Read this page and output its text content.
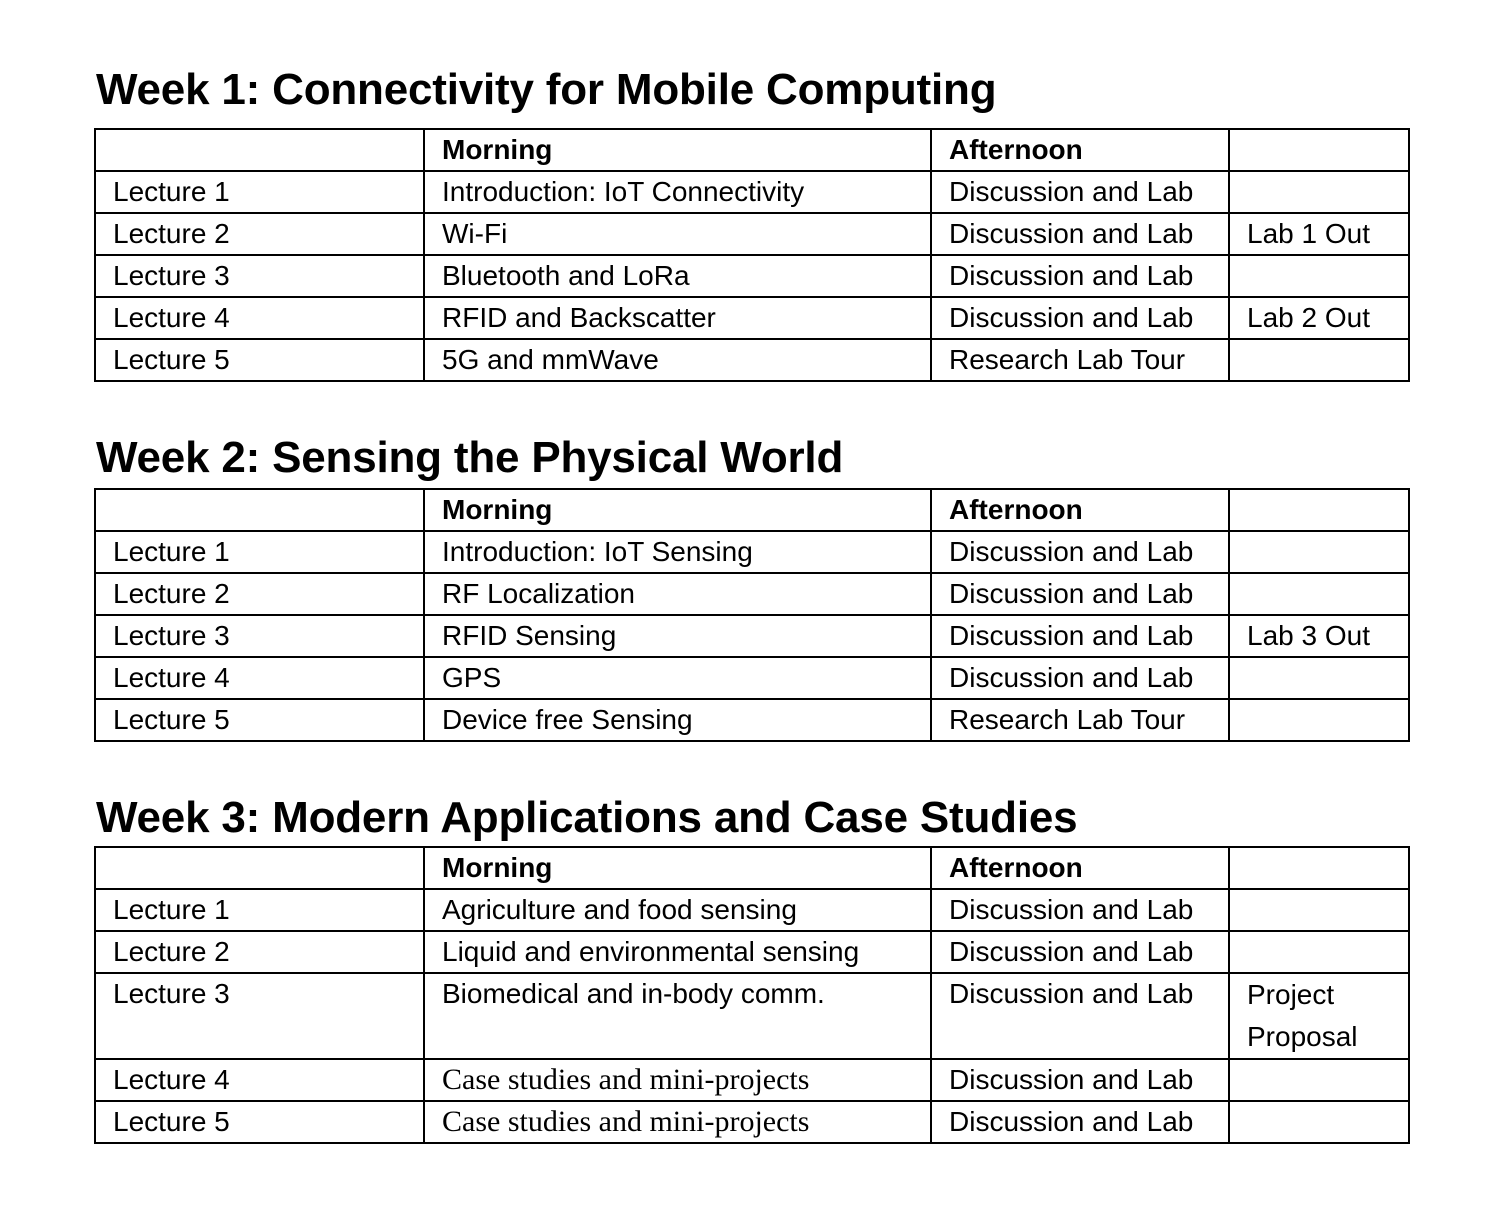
Week 1: Connectivity for Mobile Computing
	Morning	Afternoon	
Lecture 1	Introduction: IoT Connectivity	Discussion and Lab	
Lecture 2	Wi-Fi	Discussion and Lab	Lab 1 Out
Lecture 3	Bluetooth and LoRa	Discussion and Lab	
Lecture 4	RFID and Backscatter	Discussion and Lab	Lab 2 Out
Lecture 5	5G and mmWave	Research Lab Tour	
Week 2: Sensing the Physical World
	Morning	Afternoon	
Lecture 1	Introduction: IoT Sensing	Discussion and Lab	
Lecture 2	RF Localization	Discussion and Lab	
Lecture 3	RFID Sensing	Discussion and Lab	Lab 3 Out
Lecture 4	GPS	Discussion and Lab	
Lecture 5	Device free Sensing	Research Lab Tour	
Week 3: Modern Applications and Case Studies
	Morning	Afternoon	
Lecture 1	Agriculture and food sensing	Discussion and Lab	
Lecture 2	Liquid and environmental sensing	Discussion and Lab	
Lecture 3	Biomedical and in-body comm.	Discussion and Lab	Project Proposal
Lecture 4	Case studies and mini-projects	Discussion and Lab	
Lecture 5	Case studies and mini-projects	Discussion and Lab	
